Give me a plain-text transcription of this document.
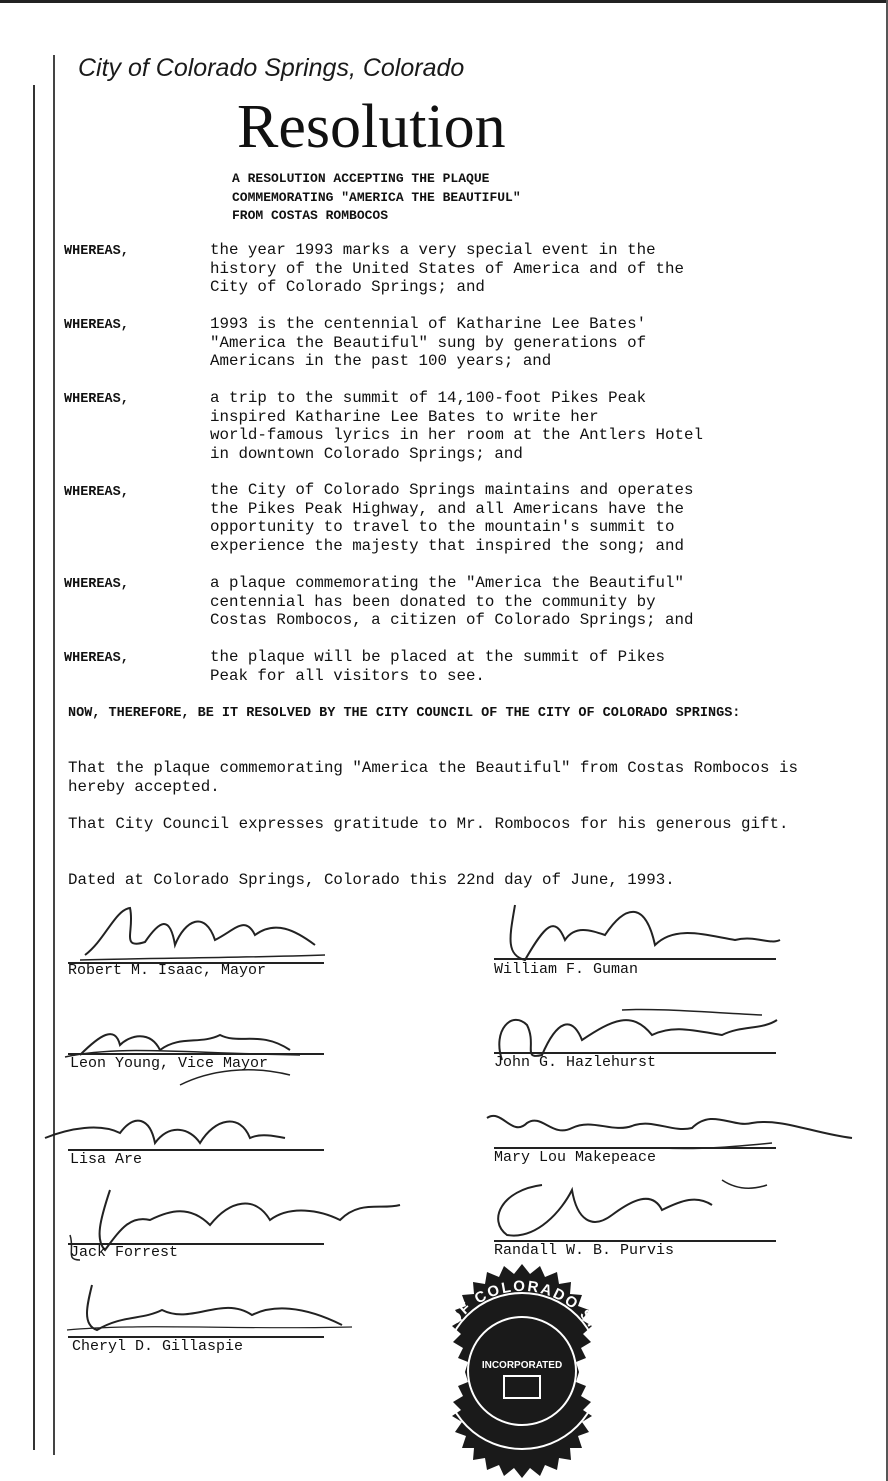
City of Colorado Springs, Colorado
Resolution
A RESOLUTION ACCEPTING THE PLAQUE
COMMEMORATING "AMERICA THE BEAUTIFUL"
FROM COSTAS ROMBOCOS
WHEREAS,	the year 1993 marks a very special event in the
history of the United States of America and of the
City of Colorado Springs; and
WHEREAS,	1993 is the centennial of Katharine Lee Bates'
"America the Beautiful" sung by generations of
Americans in the past 100 years; and
WHEREAS,	a trip to the summit of 14,100-foot Pikes Peak
inspired Katharine Lee Bates to write her
world-famous lyrics in her room at the Antlers Hotel
in downtown Colorado Springs; and
WHEREAS,	the City of Colorado Springs maintains and operates
the Pikes Peak Highway, and all Americans have the
opportunity to travel to the mountain's summit to
experience the majesty that inspired the song; and
WHEREAS,	a plaque commemorating the "America the Beautiful"
centennial has been donated to the community by
Costas Rombocos, a citizen of Colorado Springs; and
WHEREAS,	the plaque will be placed at the summit of Pikes
Peak for all visitors to see.
NOW, THEREFORE, BE IT RESOLVED BY THE CITY COUNCIL OF THE CITY OF COLORADO SPRINGS:
That the plaque commemorating "America the Beautiful" from Costas Rombocos is hereby accepted.
That City Council expresses gratitude to Mr. Rombocos for his generous gift.
Dated at Colorado Springs, Colorado this 22nd day of June, 1993.
Robert M. Isaac, Mayor
Leon Young, Vice Mayor
Lisa Are
Jack Forrest
Cheryl D. Gillaspie
William F. Guman
John G. Hazlehurst
Mary Lou Makepeace
Randall W. B. Purvis
CITY OF COLORADO SPRINGS
INCORPORATED
